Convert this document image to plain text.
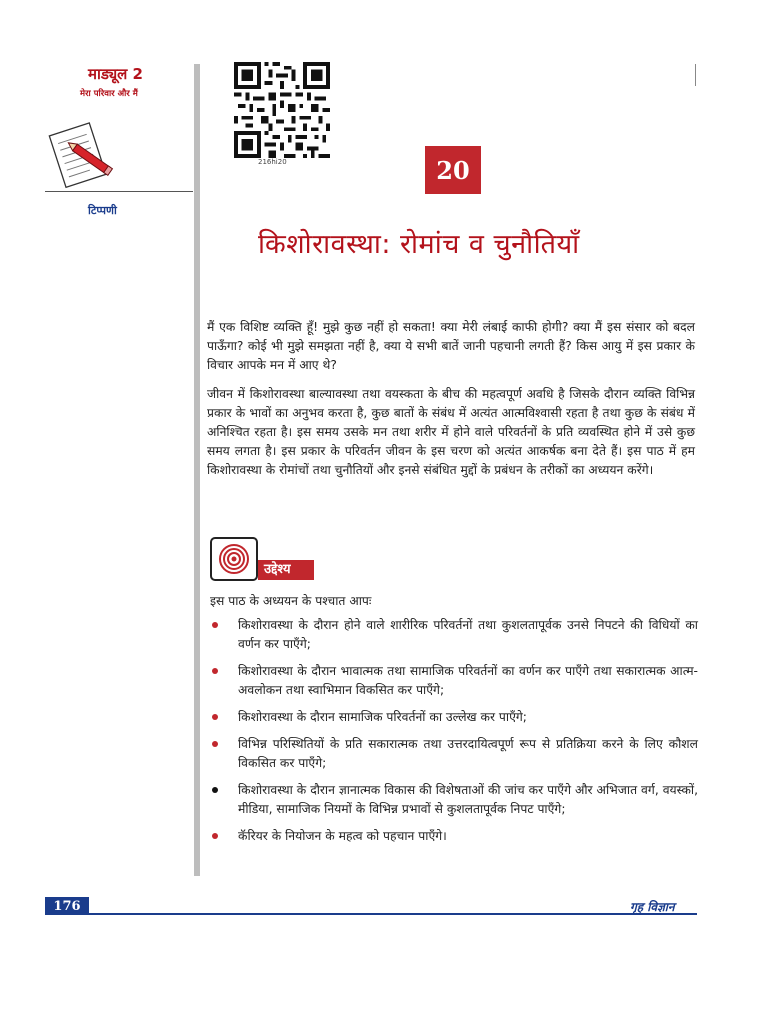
माड्यूल 2
मेरा परिवार और मैं
टिप्पणी
216hi20	20
किशोरावस्था: रोमांच व चुनौतियाँ
मैं एक विशिष्ट व्यक्ति हूँ! मुझे कुछ नहीं हो सकता! क्या मेरी लंबाई काफी होगी? क्या मैं इस संसार को बदल पाऊँगा? कोई भी मुझे समझता नहीं है, क्या ये सभी बातें जानी पहचानी लगती हैं? किस आयु में इस प्रकार के विचार आपके मन में आए थे?
जीवन में किशोरावस्था बाल्यावस्था तथा वयस्कता के बीच की महत्वपूर्ण अवधि है जिसके दौरान व्यक्ति विभिन्न प्रकार के भावों का अनुभव करता है, कुछ बातों के संबंध में अत्यंत आत्मविश्वासी रहता है तथा कुछ के संबंध में अनिश्चित रहता है। इस समय उसके मन तथा शरीर में होने वाले परिवर्तनों के प्रति व्यवस्थित होने में उसे कुछ समय लगता है। इस प्रकार के परिवर्तन जीवन के इस चरण को अत्यंत आकर्षक बना देते हैं। इस पाठ में हम किशोरावस्था के रोमांचों तथा चुनौतियों और इनसे संबंधित मुद्दों के प्रबंधन के तरीकों का अध्ययन करेंगे।
उद्देश्य
इस पाठ के अध्ययन के पश्चात आपः
किशोरावस्था के दौरान होने वाले शारीरिक परिवर्तनों तथा कुशलतापूर्वक उनसे निपटने की विधियों का वर्णन कर पाएँगे;
किशोरावस्था के दौरान भावात्मक तथा सामाजिक परिवर्तनों का वर्णन कर पाएँगे तथा सकारात्मक आत्म-अवलोकन तथा स्वाभिमान विकसित कर पाएँगे;
किशोरावस्था के दौरान सामाजिक परिवर्तनों का उल्लेख कर पाएँगे;
विभिन्न परिस्थितियों के प्रति सकारात्मक तथा उत्तरदायित्वपूर्ण रूप से प्रतिक्रिया करने के लिए कौशल विकसित कर पाएँगे;
किशोरावस्था के दौरान ज्ञानात्मक विकास की विशेषताओं की जांच कर पाएँगे और अभिजात वर्ग, वयस्कों, मीडिया, सामाजिक नियमों के विभिन्न प्रभावों से कुशलतापूर्वक निपट पाएँगे;
कॅरियर के नियोजन के महत्व को पहचान पाएँगे।
176	गृह विज्ञान
